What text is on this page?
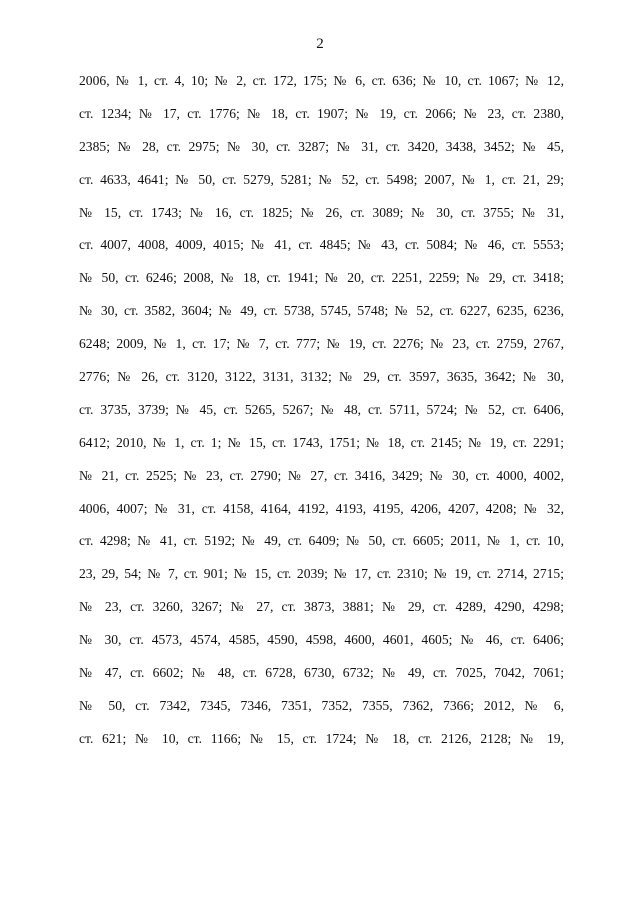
2
2006, № 1, ст. 4, 10; № 2, ст. 172, 175; № 6, ст. 636; № 10, ст. 1067; № 12,
ст. 1234; № 17, ст. 1776; № 18, ст. 1907; № 19, ст. 2066; № 23, ст. 2380,
2385; № 28, ст. 2975; № 30, ст. 3287; № 31, ст. 3420, 3438, 3452; № 45,
ст. 4633, 4641; № 50, ст. 5279, 5281; № 52, ст. 5498; 2007, № 1, ст. 21, 29;
№ 15, ст. 1743; № 16, ст. 1825; № 26, ст. 3089; № 30, ст. 3755; № 31,
ст. 4007, 4008, 4009, 4015; № 41, ст. 4845; № 43, ст. 5084; № 46, ст. 5553;
№ 50, ст. 6246; 2008, № 18, ст. 1941; № 20, ст. 2251, 2259; № 29, ст. 3418;
№ 30, ст. 3582, 3604; № 49, ст. 5738, 5745, 5748; № 52, ст. 6227, 6235, 6236,
6248; 2009, № 1, ст. 17; № 7, ст. 777; № 19, ст. 2276; № 23, ст. 2759, 2767,
2776; № 26, ст. 3120, 3122, 3131, 3132; № 29, ст. 3597, 3635, 3642; № 30,
ст. 3735, 3739; № 45, ст. 5265, 5267; № 48, ст. 5711, 5724; № 52, ст. 6406,
6412; 2010, № 1, ст. 1; № 15, ст. 1743, 1751; № 18, ст. 2145; № 19, ст. 2291;
№ 21, ст. 2525; № 23, ст. 2790; № 27, ст. 3416, 3429; № 30, ст. 4000, 4002,
4006, 4007; № 31, ст. 4158, 4164, 4192, 4193, 4195, 4206, 4207, 4208; № 32,
ст. 4298; № 41, ст. 5192; № 49, ст. 6409; № 50, ст. 6605; 2011, № 1, ст. 10,
23, 29, 54; № 7, ст. 901; № 15, ст. 2039; № 17, ст. 2310; № 19, ст. 2714, 2715;
№ 23, ст. 3260, 3267; № 27, ст. 3873, 3881; № 29, ст. 4289, 4290, 4298;
№ 30, ст. 4573, 4574, 4585, 4590, 4598, 4600, 4601, 4605; № 46, ст. 6406;
№ 47, ст. 6602; № 48, ст. 6728, 6730, 6732; № 49, ст. 7025, 7042, 7061;
№ 50, ст. 7342, 7345, 7346, 7351, 7352, 7355, 7362, 7366; 2012, № 6,
ст. 621; № 10, ст. 1166; № 15, ст. 1724; № 18, ст. 2126, 2128; № 19,
